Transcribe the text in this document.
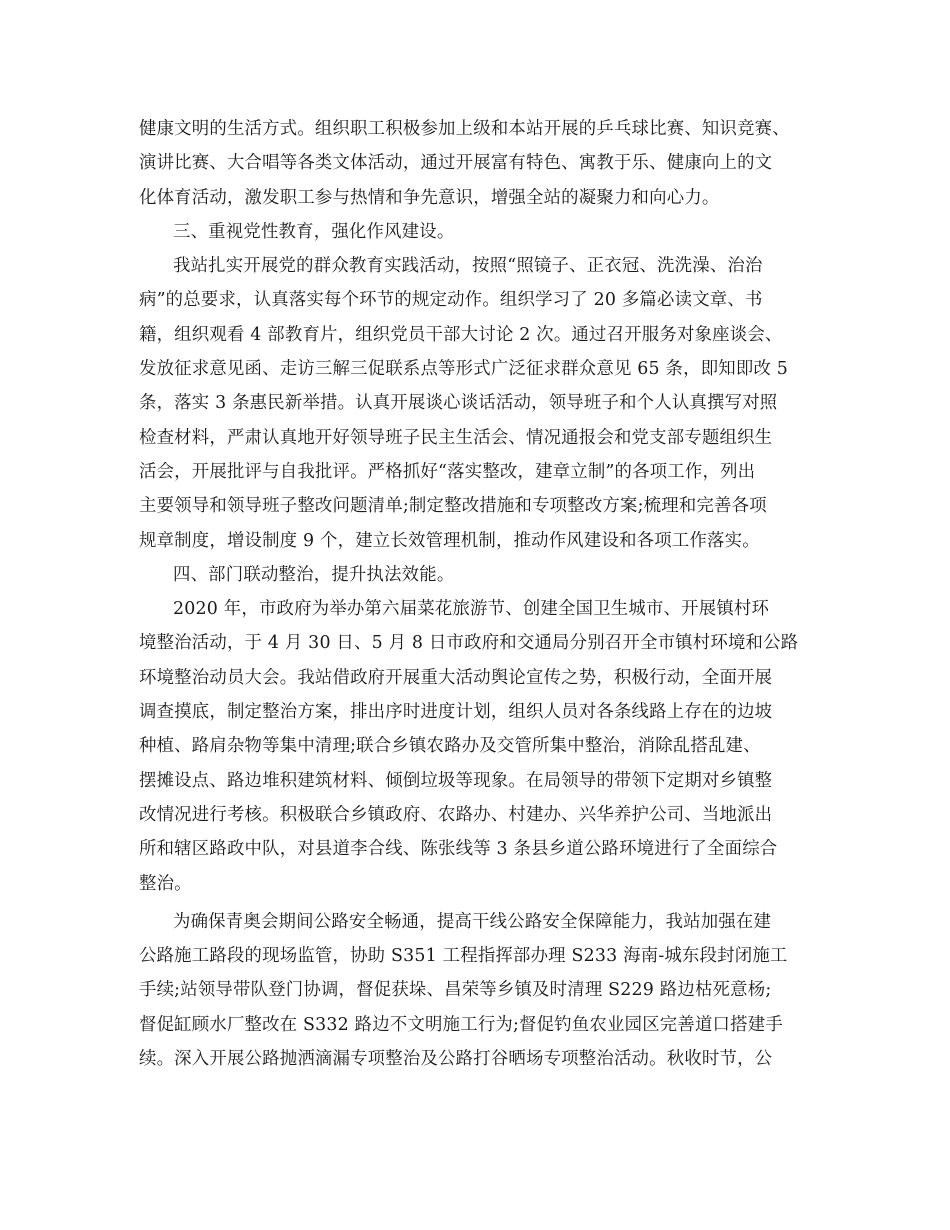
健康文明的生活方式。组织职工积极参加上级和本站开展的乒乓球比赛、知识竞赛、
演讲比赛、大合唱等各类文体活动，通过开展富有特色、寓教于乐、健康向上的文
化体育活动，激发职工参与热情和争先意识，增强全站的凝聚力和向心力。
三、重视党性教育，强化作风建设。
我站扎实开展党的群众教育实践活动，按照“照镜子、正衣冠、洗洗澡、治治
病”的总要求，认真落实每个环节的规定动作。组织学习了 20 多篇必读文章、书
籍，组织观看 4 部教育片，组织党员干部大讨论 2 次。通过召开服务对象座谈会、
发放征求意见函、走访三解三促联系点等形式广泛征求群众意见 65 条，即知即改 5
条，落实 3 条惠民新举措。认真开展谈心谈话活动，领导班子和个人认真撰写对照
检查材料，严肃认真地开好领导班子民主生活会、情况通报会和党支部专题组织生
活会，开展批评与自我批评。严格抓好“落实整改，建章立制”的各项工作，列出
主要领导和领导班子整改问题清单;制定整改措施和专项整改方案;梳理和完善各项
规章制度，增设制度 9 个，建立长效管理机制，推动作风建设和各项工作落实。
四、部门联动整治，提升执法效能。
2020 年，市政府为举办第六届菜花旅游节、创建全国卫生城市、开展镇村环
境整治活动，于 4 月 30 日、5 月 8 日市政府和交通局分别召开全市镇村环境和公路
环境整治动员大会。我站借政府开展重大活动舆论宣传之势，积极行动，全面开展
调查摸底，制定整治方案，排出序时进度计划，组织人员对各条线路上存在的边坡
种植、路肩杂物等集中清理;联合乡镇农路办及交管所集中整治，消除乱搭乱建、
摆摊设点、路边堆积建筑材料、倾倒垃圾等现象。在局领导的带领下定期对乡镇整
改情况进行考核。积极联合乡镇政府、农路办、村建办、兴华养护公司、当地派出
所和辖区路政中队，对县道李合线、陈张线等 3 条县乡道公路环境进行了全面综合
整治。
为确保青奥会期间公路安全畅通，提高干线公路安全保障能力，我站加强在建
公路施工路段的现场监管，协助 S351 工程指挥部办理 S233 海南-城东段封闭施工
手续;站领导带队登门协调，督促获垛、昌荣等乡镇及时清理 S229 路边枯死意杨;
督促缸顾水厂整改在 S332 路边不文明施工行为;督促钓鱼农业园区完善道口搭建手
续。深入开展公路抛洒滴漏专项整治及公路打谷晒场专项整治活动。秋收时节，公
